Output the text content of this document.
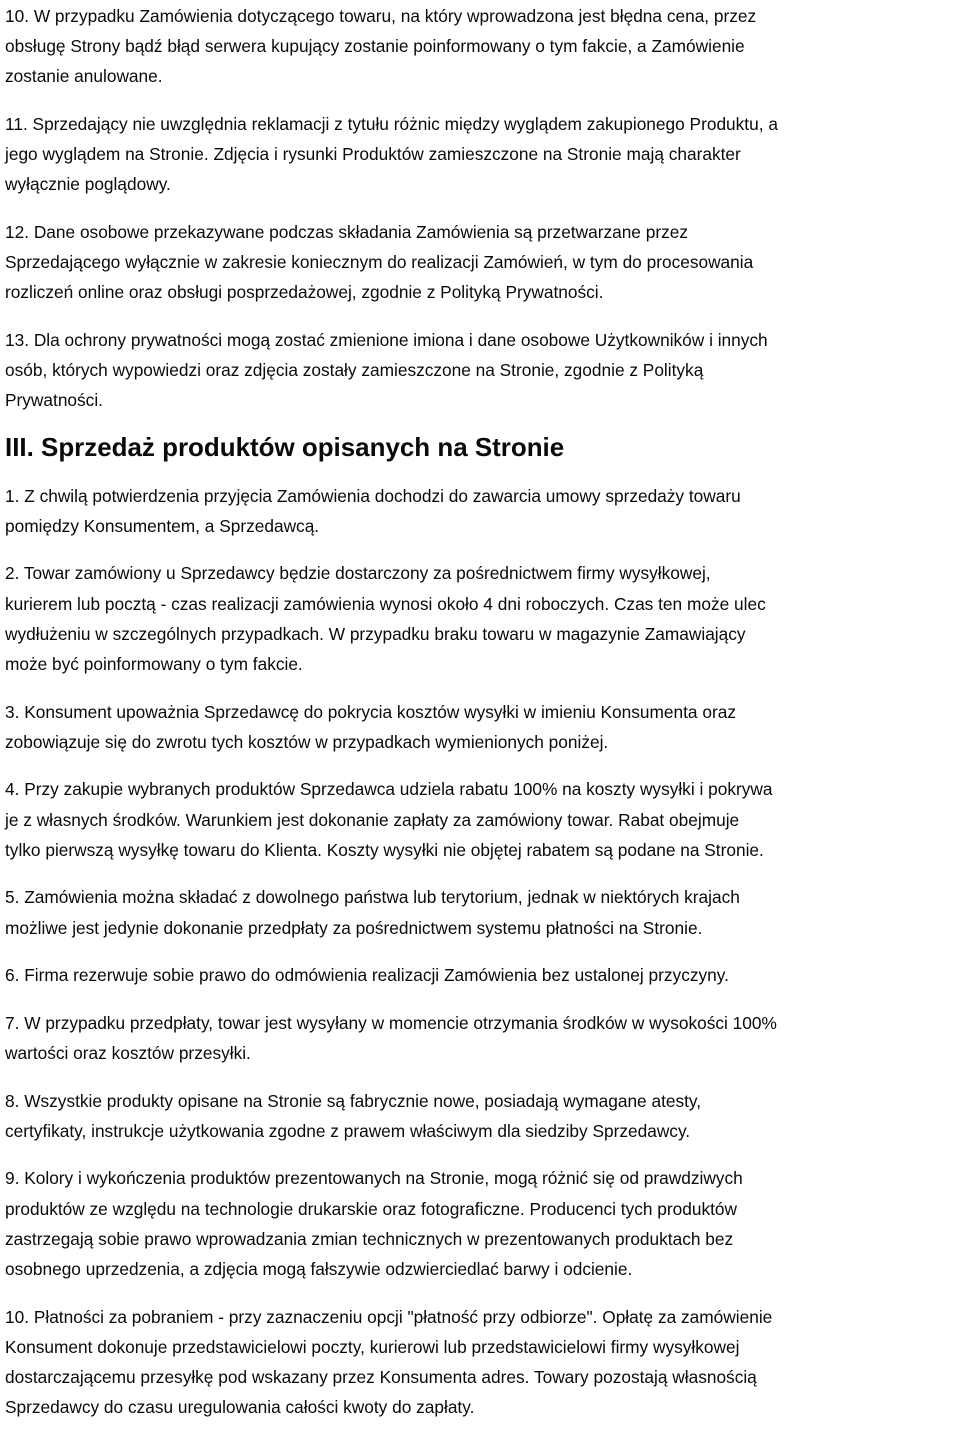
10. W przypadku Zamówienia dotyczącego towaru, na który wprowadzona jest błędna cena, przez
obsługę Strony bądź błąd serwera kupujący zostanie poinformowany o tym fakcie, a Zamówienie
zostanie anulowane.

11. Sprzedający nie uwzględnia reklamacji z tytułu różnic między wyglądem zakupionego Produktu, a
jego wyglądem na Stronie. Zdjęcia i rysunki Produktów zamieszczone na Stronie mają charakter
wyłącznie poglądowy.

12. Dane osobowe przekazywane podczas składania Zamówienia są przetwarzane przez
Sprzedającego wyłącznie w zakresie koniecznym do realizacji Zamówień, w tym do procesowania
rozliczeń online oraz obsługi posprzedażowej, zgodnie z Polityką Prywatności.

13. Dla ochrony prywatności mogą zostać zmienione imiona i dane osobowe Użytkowników i innych
osób, których wypowiedzi oraz zdjęcia zostały zamieszczone na Stronie, zgodnie z Polityką
Prywatności.

III. Sprzedaż produktów opisanych na Stronie

1. Z chwilą potwierdzenia przyjęcia Zamówienia dochodzi do zawarcia umowy sprzedaży towaru
pomiędzy Konsumentem, a Sprzedawcą.

2. Towar zamówiony u Sprzedawcy będzie dostarczony za pośrednictwem firmy wysyłkowej,
kurierem lub pocztą - czas realizacji zamówienia wynosi około 4 dni roboczych. Czas ten może ulec
wydłużeniu w szczególnych przypadkach. W przypadku braku towaru w magazynie Zamawiający
może być poinformowany o tym fakcie.

3. Konsument upoważnia Sprzedawcę do pokrycia kosztów wysyłki w imieniu Konsumenta oraz
zobowiązuje się do zwrotu tych kosztów w przypadkach wymienionych poniżej.

4. Przy zakupie wybranych produktów Sprzedawca udziela rabatu 100% na koszty wysyłki i pokrywa
je z własnych środków. Warunkiem jest dokonanie zapłaty za zamówiony towar. Rabat obejmuje
tylko pierwszą wysyłkę towaru do Klienta. Koszty wysyłki nie objętej rabatem są podane na Stronie.

5. Zamówienia można składać z dowolnego państwa lub terytorium, jednak w niektórych krajach
możliwe jest jedynie dokonanie przedpłaty za pośrednictwem systemu płatności na Stronie.

6. Firma rezerwuje sobie prawo do odmówienia realizacji Zamówienia bez ustalonej przyczyny.

7. W przypadku przedpłaty, towar jest wysyłany w momencie otrzymania środków w wysokości 100%
wartości oraz kosztów przesyłki.

8. Wszystkie produkty opisane na Stronie są fabrycznie nowe, posiadają wymagane atesty,
certyfikaty, instrukcje użytkowania zgodne z prawem właściwym dla siedziby Sprzedawcy.

9. Kolory i wykończenia produktów prezentowanych na Stronie, mogą różnić się od prawdziwych
produktów ze względu na technologie drukarskie oraz fotograficzne. Producenci tych produktów
zastrzegają sobie prawo wprowadzania zmian technicznych w prezentowanych produktach bez
osobnego uprzedzenia, a zdjęcia mogą fałszywie odzwierciedlać barwy i odcienie.

10. Płatności za pobraniem - przy zaznaczeniu opcji "płatność przy odbiorze". Opłatę za zamówienie
Konsument dokonuje przedstawicielowi poczty, kurierowi lub przedstawicielowi firmy wysyłkowej
dostarczającemu przesyłkę pod wskazany przez Konsumenta adres. Towary pozostają własnością
Sprzedawcy do czasu uregulowania całości kwoty do zapłaty.
